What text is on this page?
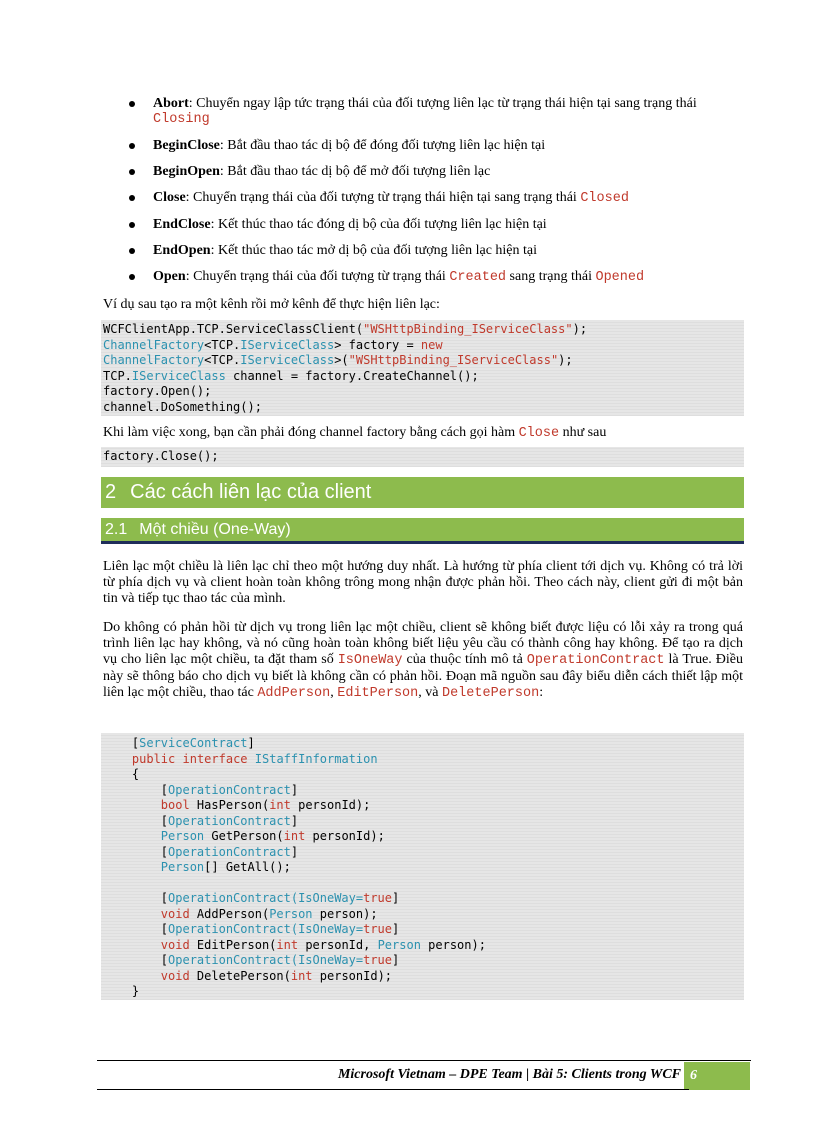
Abort: Chuyển ngay lập tức trạng thái của đối tượng liên lạc từ trạng thái hiện tại sang trạng thái Closing
BeginClose: Bắt đầu thao tác dị bộ để đóng đối tượng liên lạc hiện tại
BeginOpen: Bắt đầu thao tác dị bộ để mở đối tượng liên lạc
Close: Chuyển trạng thái của đối tượng từ trạng thái hiện tại sang trạng thái Closed
EndClose: Kết thúc thao tác đóng dị bộ của đối tượng liên lạc hiện tại
EndOpen: Kết thúc thao tác mở dị bộ của đối tượng liên lạc hiện tại
Open: Chuyển trạng thái của đối tượng từ trạng thái Created sang trạng thái Opened

Ví dụ sau tạo ra một kênh rồi mở kênh để thực hiện liên lạc:

WCFClientApp.TCP.ServiceClassClient("WSHttpBinding_IServiceClass");
ChannelFactory<TCP.IServiceClass> factory = new
ChannelFactory<TCP.IServiceClass>("WSHttpBinding_IServiceClass");
TCP.IServiceClass channel = factory.CreateChannel();
factory.Open();
channel.DoSomething();

Khi làm việc xong, bạn cần phải đóng channel factory bằng cách gọi hàm Close như sau

factory.Close();
2 Các cách liên lạc của client
2.1 Một chiều (One-Way)

Liên lạc một chiều là liên lạc chỉ theo một hướng duy nhất. Là hướng từ phía client tới dịch vụ. Không có trả lời từ phía dịch vụ và client hoàn toàn không trông mong nhận được phản hồi. Theo cách này, client gửi đi một bản tin và tiếp tục thao tác của mình.

Do không có phản hồi từ dịch vụ trong liên lạc một chiều, client sẽ không biết được liệu có lỗi xảy ra trong quá trình liên lạc hay không, và nó cũng hoàn toàn không biết liệu yêu cầu có thành công hay không. Để tạo ra dịch vụ cho liên lạc một chiều, ta đặt tham số IsOneWay của thuộc tính mô tả OperationContract là True. Điều này sẽ thông báo cho dịch vụ biết là không cần có phản hồi. Đoạn mã nguồn sau đây biểu diễn cách thiết lập một liên lạc một chiều, thao tác AddPerson, EditPerson, và DeletePerson:

[ServiceContract]
public interface IStaffInformation
{
[OperationContract]
bool HasPerson(int personId);
[OperationContract]
Person GetPerson(int personId);
[OperationContract]
Person[] GetAll();

[OperationContract(IsOneWay=true]
void AddPerson(Person person);
[OperationContract(IsOneWay=true]
void EditPerson(int personId, Person person);
[OperationContract(IsOneWay=true]
void DeletePerson(int personId);
}
Microsoft Vietnam – DPE Team | Bài 5: Clients trong WCF 6
